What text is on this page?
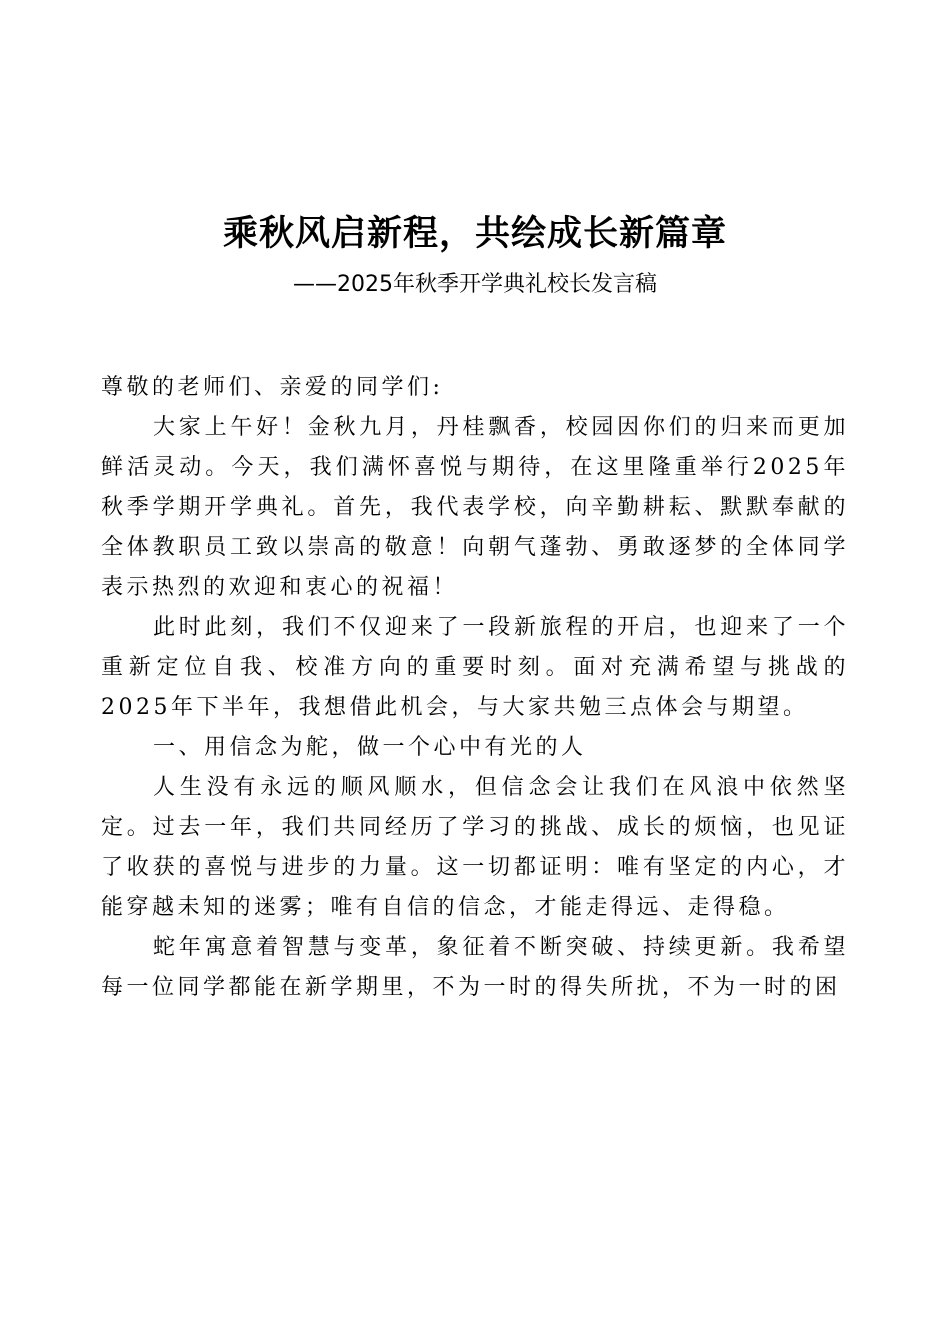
乘秋风启新程，共绘成长新篇章
——2025年秋季开学典礼校长发言稿

尊敬的老师们、亲爱的同学们:

大家上午好！金秋九月，丹桂飘香，校园因你们的归来而更加鲜活灵动。今天，我们满怀喜悦与期待，在这里隆重举行2025年秋季学期开学典礼。首先，我代表学校，向辛勤耕耘、默默奉献的全体教职员工致以崇高的敬意！向朝气蓬勃、勇敢逐梦的全体同学表示热烈的欢迎和衷心的祝福！

此时此刻，我们不仅迎来了一段新旅程的开启，也迎来了一个重新定位自我、校准方向的重要时刻。面对充满希望与挑战的2025年下半年，我想借此机会，与大家共勉三点体会与期望。

一、用信念为舵，做一个心中有光的人

人生没有永远的顺风顺水，但信念会让我们在风浪中依然坚定。过去一年，我们共同经历了学习的挑战、成长的烦恼，也见证了收获的喜悦与进步的力量。这一切都证明：唯有坚定的内心，才能穿越未知的迷雾；唯有自信的信念，才能走得远、走得稳。

蛇年寓意着智慧与变革，象征着不断突破、持续更新。我希望每一位同学都能在新学期里，不为一时的得失所扰，不为一时的困
